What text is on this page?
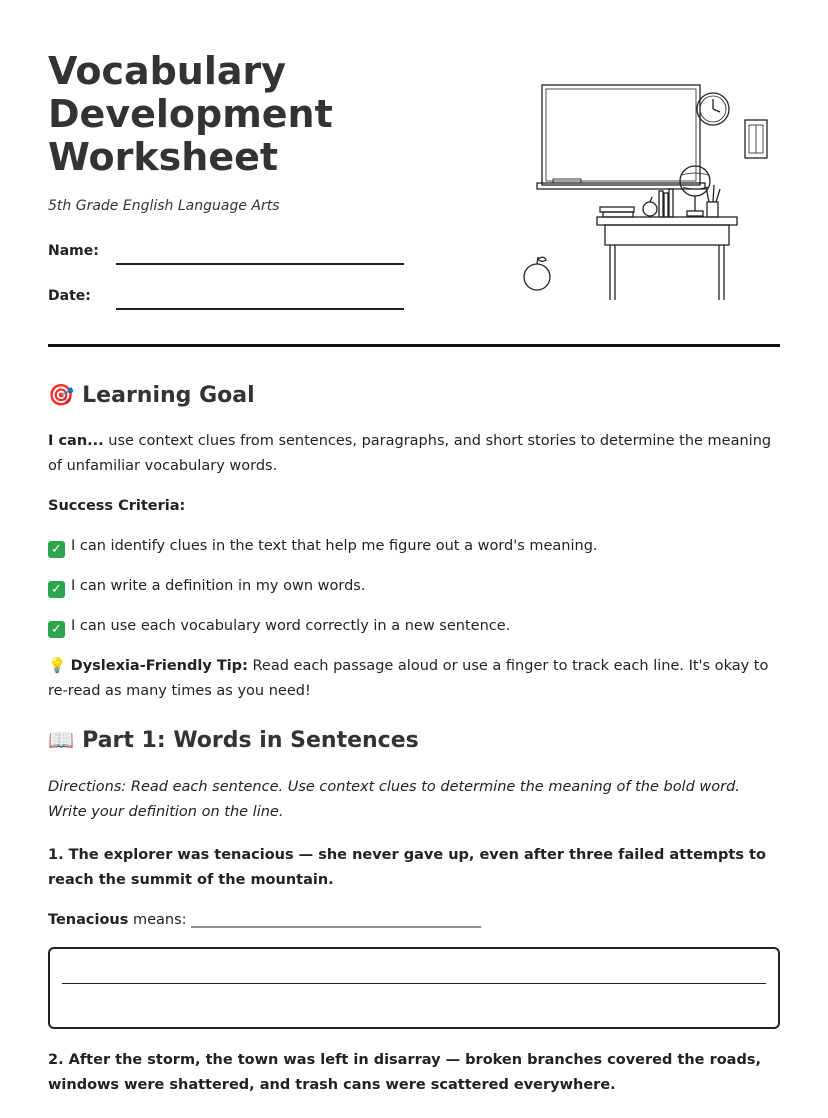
Vocabulary
Development
Worksheet
5th Grade English Language Arts
Name:
Date:
🎯 Learning Goal
I can... use context clues from sentences, paragraphs, and short stories to determine the meaning of unfamiliar vocabulary words.
Success Criteria:
✓ I can identify clues in the text that help me figure out a word's meaning.
✓ I can write a definition in my own words.
✓ I can use each vocabulary word correctly in a new sentence.
💡 Dyslexia-Friendly Tip: Read each passage aloud or use a finger to track each line. It's okay to re-read as many times as you need!
📖 Part 1: Words in Sentences
Directions: Read each sentence. Use context clues to determine the meaning of the bold word. Write your definition on the line.
1. The explorer was tenacious — she never gave up, even after three failed attempts to reach the summit of the mountain.
Tenacious means: ________________________________________
2. After the storm, the town was left in disarray — broken branches covered the roads, windows were shattered, and trash cans were scattered everywhere.
